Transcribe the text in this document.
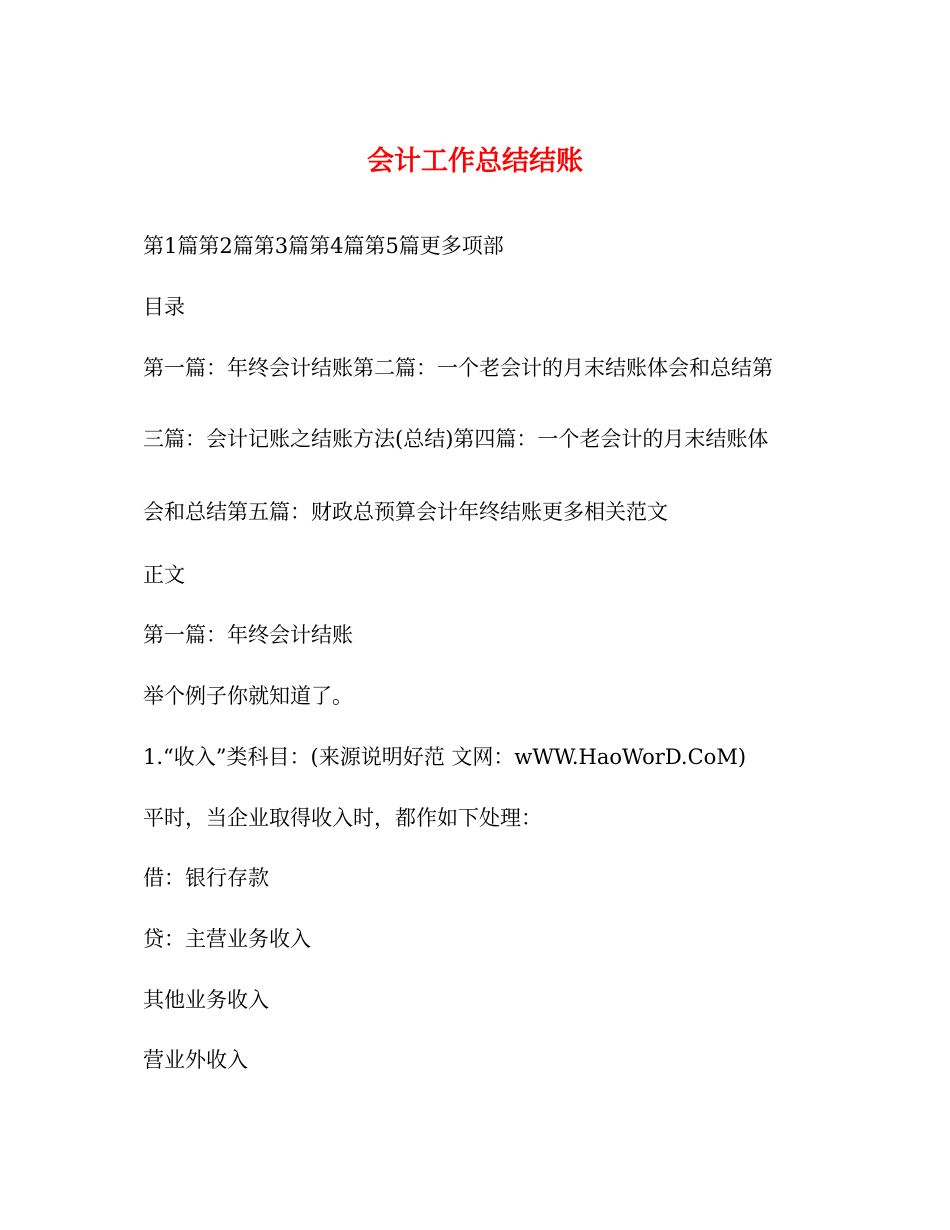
会计工作总结结账

第1篇第2篇第3篇第4篇第5篇更多项部

目录

第一篇：年终会计结账第二篇：一个老会计的月末结账体会和总结第

三篇：会计记账之结账方法(总结)第四篇：一个老会计的月末结账体

会和总结第五篇：财政总预算会计年终结账更多相关范文

正文

第一篇：年终会计结账

举个例子你就知道了。

1.“收入”类科目：(来源说明好范 文网：wWW.HaoWorD.CoM)

平时，当企业取得收入时，都作如下处理：

借：银行存款

贷：主营业务收入

其他业务收入

营业外收入
